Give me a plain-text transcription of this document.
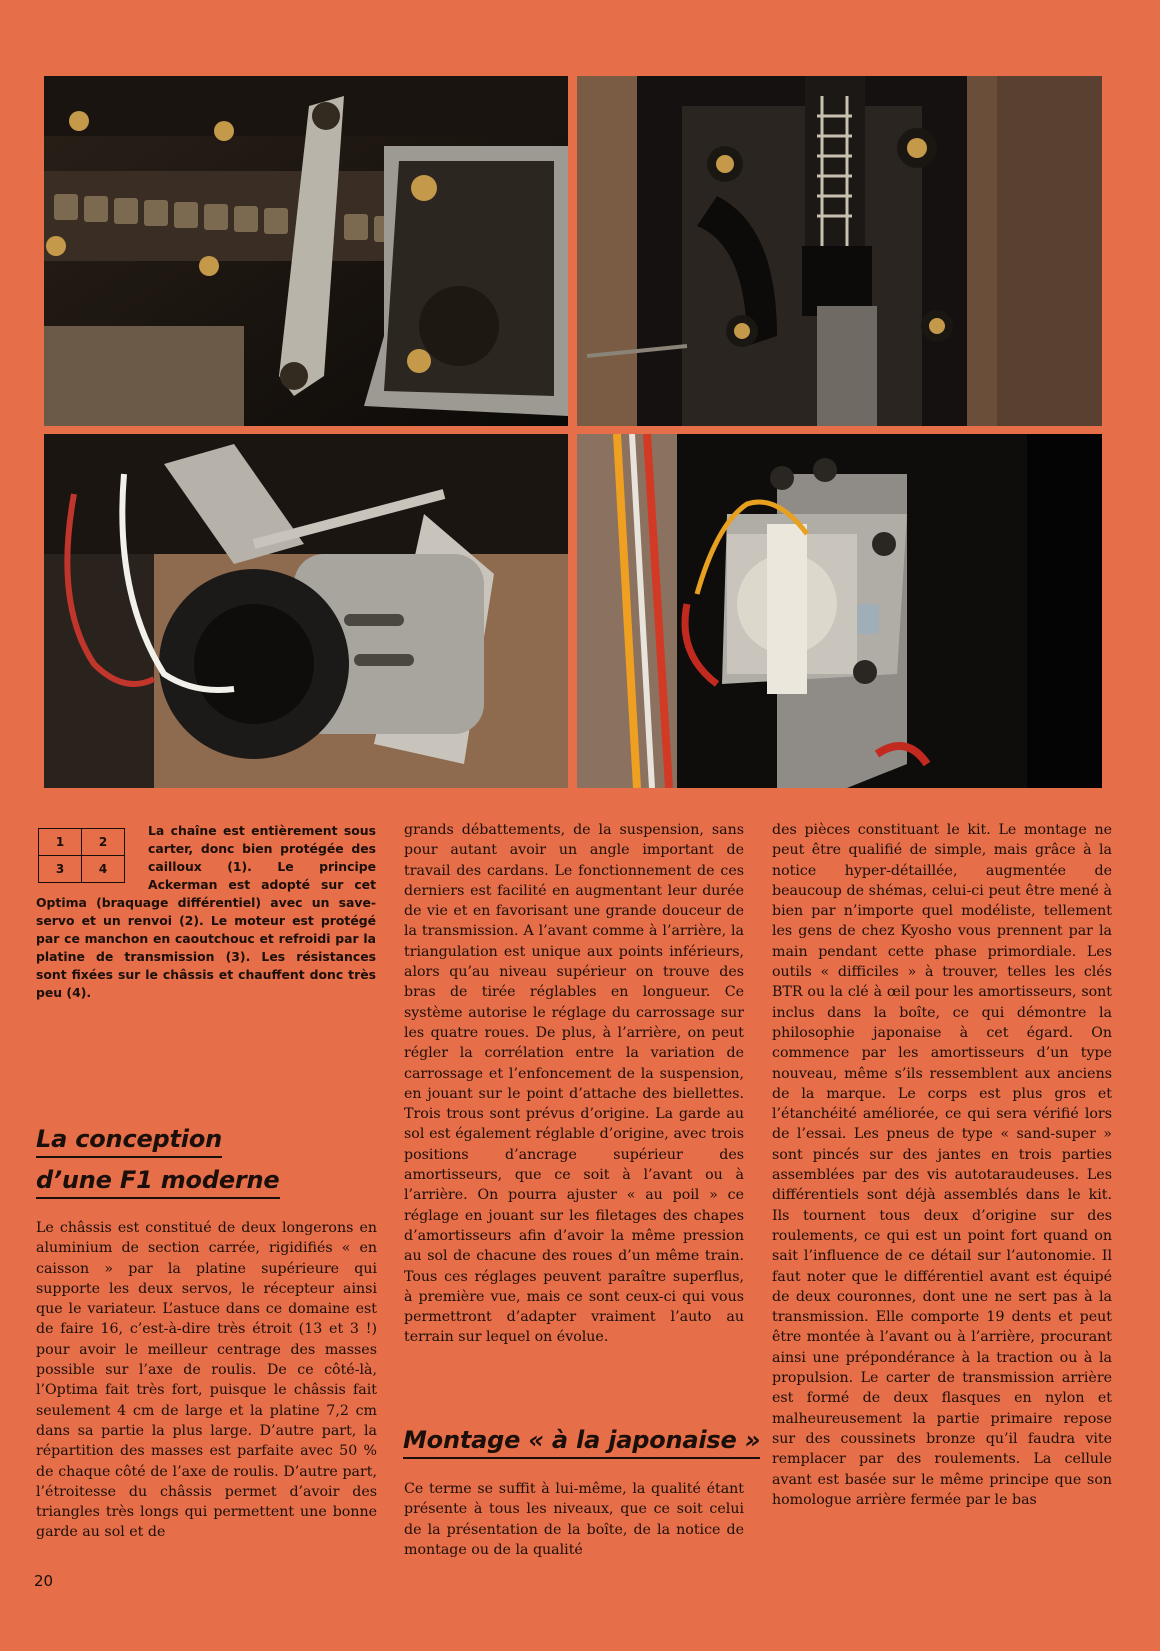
1	2
3	4
La chaîne est entièrement sous carter, donc bien protégée des cailloux (1). Le principe Ackerman est adopté sur cet Optima (braquage différentiel) avec un save-servo et un renvoi (2). Le moteur est protégé par ce manchon en caoutchouc et refroidi par la platine de transmission (3). Les résistances sont fixées sur le châssis et chauffent donc très peu (4).
La conception
d’une F1 moderne

Le châssis est constitué de deux longerons en aluminium de section carrée, rigidifiés « en caisson » par la platine supérieure qui supporte les deux servos, le récepteur ainsi que le variateur. L’astuce dans ce domaine est de faire 16, c’est-à-dire très étroit (13 et 3 !) pour avoir le meilleur centrage des masses possible sur l’axe de roulis. De ce côté-là, l’Optima fait très fort, puisque le châssis fait seulement 4 cm de large et la platine 7,2 cm dans sa partie la plus large. D’autre part, la répartition des masses est parfaite avec 50 % de chaque côté de l’axe de roulis. D’autre part, l’étroitesse du châssis permet d’avoir des triangles très longs qui permettent une bonne garde au sol et de

grands débattements, de la suspension, sans pour autant avoir un angle important de travail des cardans. Le fonctionnement de ces derniers est facilité en augmentant leur durée de vie et en favorisant une grande douceur de la transmission. A l’avant comme à l’arrière, la triangulation est unique aux points inférieurs, alors qu’au niveau supérieur on trouve des bras de tirée réglables en longueur. Ce système autorise le réglage du carrossage sur les quatre roues. De plus, à l’arrière, on peut régler la corrélation entre la variation de carrossage et l’enfoncement de la suspension, en jouant sur le point d’attache des biellettes. Trois trous sont prévus d’origine. La garde au sol est également réglable d’origine, avec trois positions d’ancrage supérieur des amortisseurs, que ce soit à l’avant ou à l’arrière. On pourra ajuster « au poil » ce réglage en jouant sur les filetages des chapes d’amortisseurs afin d’avoir la même pression au sol de chacune des roues d’un même train. Tous ces réglages peuvent paraître superflus, à première vue, mais ce sont ceux-ci qui vous permettront d’adapter vraiment l’auto au terrain sur lequel on évolue.

Montage « à la japonaise »

Ce terme se suffit à lui-même, la qualité étant présente à tous les niveaux, que ce soit celui de la présentation de la boîte, de la notice de montage ou de la qualité

des pièces constituant le kit. Le montage ne peut être qualifié de simple, mais grâce à la notice hyper-détaillée, augmentée de beaucoup de shémas, celui-ci peut être mené à bien par n’importe quel modéliste, tellement les gens de chez Kyosho vous prennent par la main pendant cette phase primordiale. Les outils « difficiles » à trouver, telles les clés BTR ou la clé à œil pour les amortisseurs, sont inclus dans la boîte, ce qui démontre la philosophie japonaise à cet égard. On commence par les amortisseurs d’un type nouveau, même s’ils ressemblent aux anciens de la marque. Le corps est plus gros et l’étanchéité améliorée, ce qui sera vérifié lors de l’essai. Les pneus de type « sand-super » sont pincés sur des jantes en trois parties assemblées par des vis autotaraudeuses. Les différentiels sont déjà assemblés dans le kit. Ils tournent tous deux d’origine sur des roulements, ce qui est un point fort quand on sait l’influence de ce détail sur l’autonomie. Il faut noter que le différentiel avant est équipé de deux couronnes, dont une ne sert pas à la transmission. Elle comporte 19 dents et peut être montée à l’avant ou à l’arrière, procurant ainsi une prépondérance à la traction ou à la propulsion. Le carter de transmission arrière est formé de deux flasques en nylon et malheureusement la partie primaire repose sur des coussinets bronze qu’il faudra vite remplacer par des roulements. La cellule avant est basée sur le même principe que son homologue arrière fermée par le bas

20
